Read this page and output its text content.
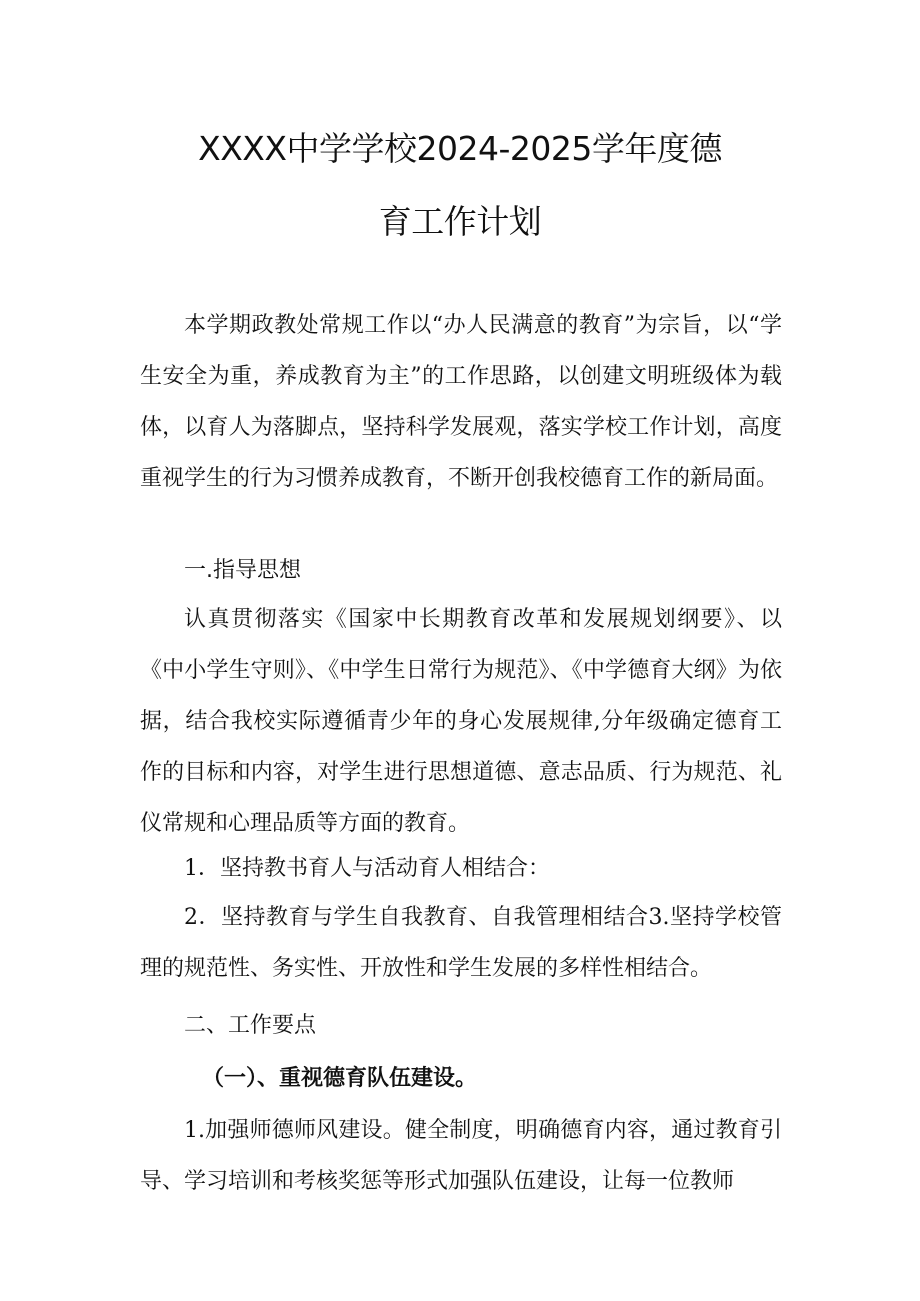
XXXX中学学校2024-2025学年度德
育工作计划

本学期政教处常规工作以“办人民满意的教育”为宗旨，以“学生安全为重，养成教育为主”的工作思路，以创建文明班级体为载体，以育人为落脚点，坚持科学发展观，落实学校工作计划，高度重视学生的行为习惯养成教育，不断开创我校德育工作的新局面。

一.指导思想

认真贯彻落实《国家中长期教育改革和发展规划纲要》、以《中小学生守则》、《中学生日常行为规范》、《中学德育大纲》为依据，结合我校实际遵循青少年的身心发展规律,分年级确定德育工作的目标和内容，对学生进行思想道德、意志品质、行为规范、礼仪常规和心理品质等方面的教育。

1．坚持教书育人与活动育人相结合：

2．坚持教育与学生自我教育、自我管理相结合3.坚持学校管理的规范性、务实性、开放性和学生发展的多样性相结合。

二、工作要点

（一）、重视德育队伍建设。

1.加强师德师风建设。健全制度，明确德育内容，通过教育引导、学习培训和考核奖惩等形式加强队伍建设，让每一位教师
